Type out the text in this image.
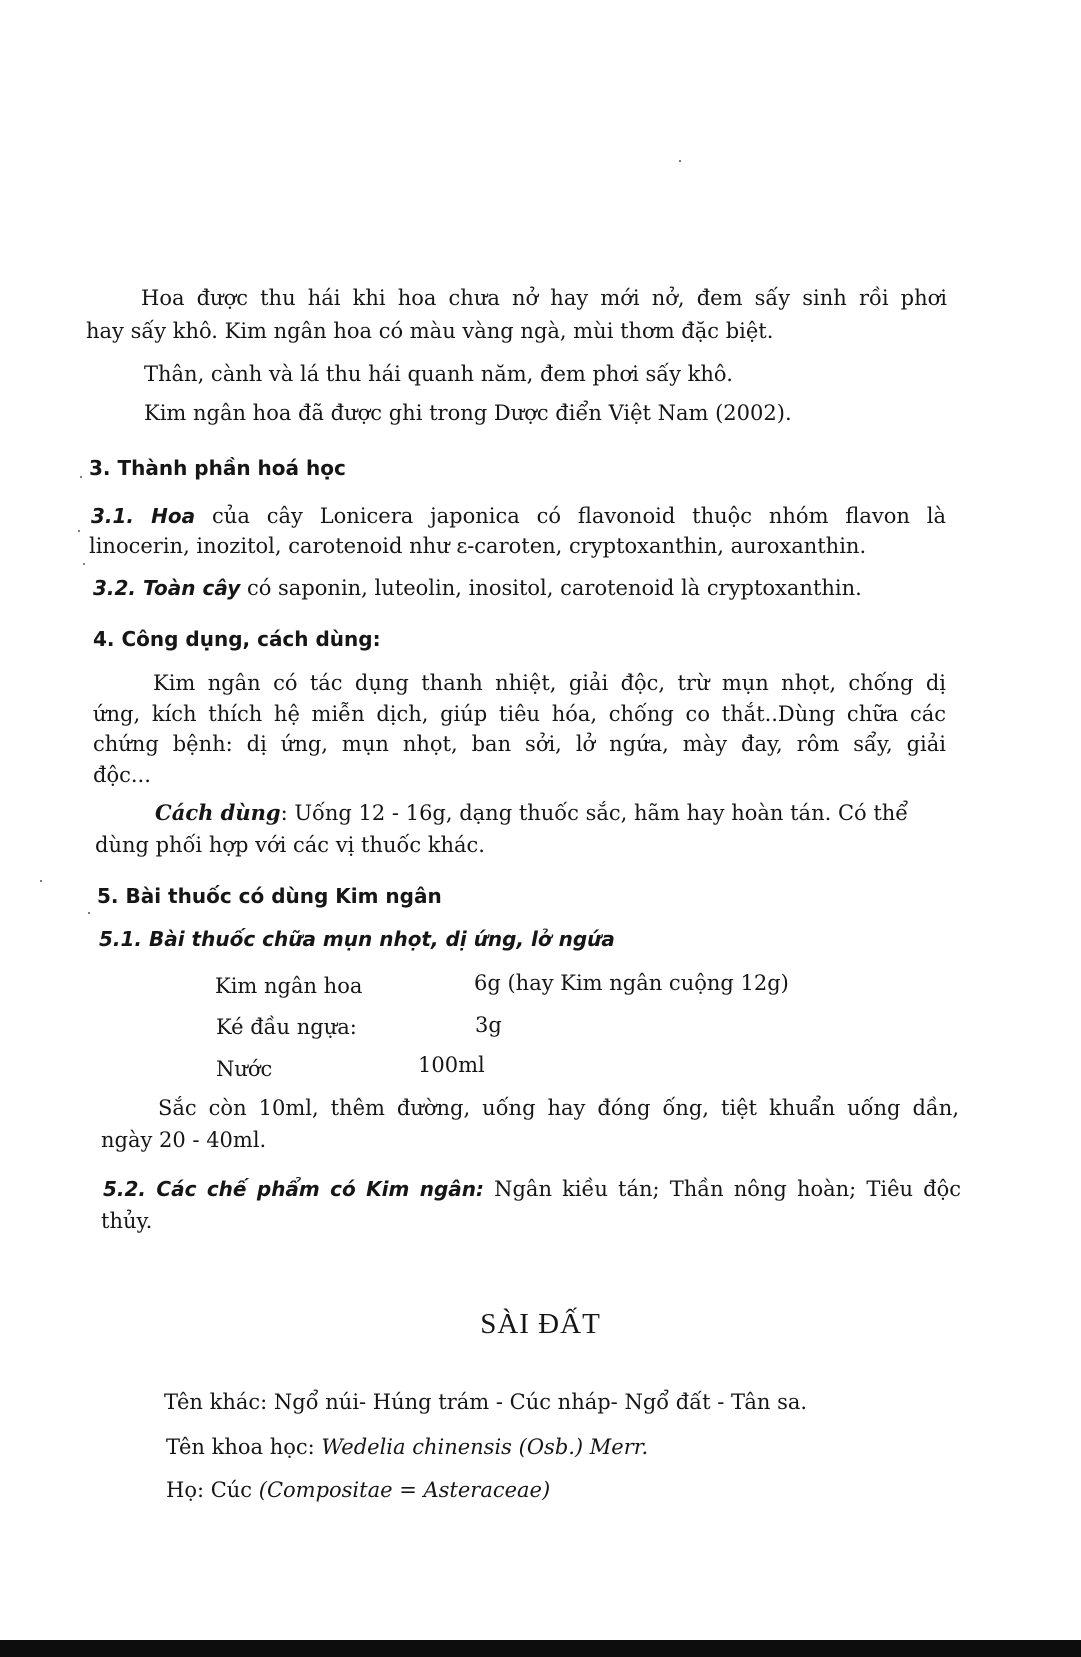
Hoa được thu hái khi hoa chưa nở hay mới nở, đem sấy sinh rồi phơi
hay sấy khô. Kim ngân hoa có màu vàng ngà, mùi thơm đặc biệt.
Thân, cành và lá thu hái quanh năm, đem phơi sấy khô.
Kim ngân hoa đã được ghi trong Dược điển Việt Nam (2002).
3. Thành phần hoá học
3.1. Hoa của cây Lonicera japonica có flavonoid thuộc nhóm flavon là
linocerin, inozitol, carotenoid như ε-caroten, cryptoxanthin, auroxanthin.
3.2. Toàn cây có saponin, luteolin, inositol, carotenoid là cryptoxanthin.
4. Công dụng, cách dùng:
Kim ngân có tác dụng thanh nhiệt, giải độc, trừ mụn nhọt, chống dị
ứng, kích thích hệ miễn dịch, giúp tiêu hóa, chống co thắt..Dùng chữa các
chứng bệnh: dị ứng, mụn nhọt, ban sởi, lở ngứa, mày đay, rôm sẩy, giải
độc...
Cách dùng: Uống 12 - 16g, dạng thuốc sắc, hãm hay hoàn tán. Có thể
dùng phối hợp với các vị thuốc khác.
5. Bài thuốc có dùng Kim ngân
5.1. Bài thuốc chữa mụn nhọt, dị ứng, lở ngứa
Kim ngân hoa	6g (hay Kim ngân cuộng 12g)
Ké đầu ngựa:	3g
Nước	100ml
Sắc còn 10ml, thêm đường, uống hay đóng ống, tiệt khuẩn uống dần,
ngày 20 - 40ml.
5.2. Các chế phẩm có Kim ngân: Ngân kiều tán; Thần nông hoàn; Tiêu độc
thủy.
SÀI ĐẤT
Tên khác: Ngổ núi- Húng trám - Cúc nháp- Ngổ đất - Tân sa.
Tên khoa học: Wedelia chinensis (Osb.) Merr.
Họ: Cúc (Compositae = Asteraceae)
